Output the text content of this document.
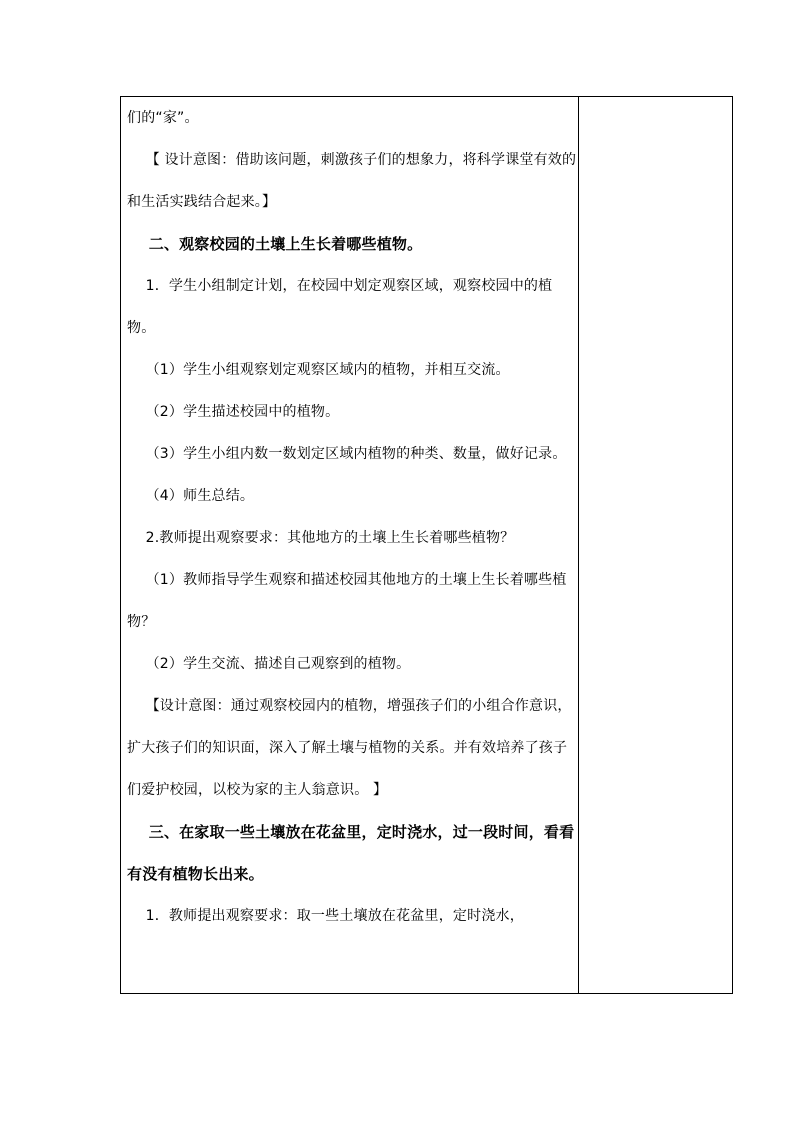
们的“家”。

【 设计意图：借助该问题，刺激孩子们的想象力，将科学课堂有效的和生活实践结合起来。】

二、观察校园的土壤上生长着哪些植物。

1．学生小组制定计划，在校园中划定观察区域，观察校园中的植物。

（1）学生小组观察划定观察区域内的植物，并相互交流。

（2）学生描述校园中的植物。

（3）学生小组内数一数划定区域内植物的种类、数量，做好记录。

（4）师生总结。

2.教师提出观察要求：其他地方的土壤上生长着哪些植物？

（1）教师指导学生观察和描述校园其他地方的土壤上生长着哪些植物？

（2）学生交流、描述自己观察到的植物。

【设计意图：通过观察校园内的植物，增强孩子们的小组合作意识，扩大孩子们的知识面，深入了解土壤与植物的关系。并有效培养了孩子们爱护校园，以校为家的主人翁意识。 】

三、在家取一些土壤放在花盆里，定时浇水，过一段时间，看看有没有植物长出来。

1．教师提出观察要求：取一些土壤放在花盆里，定时浇水，
